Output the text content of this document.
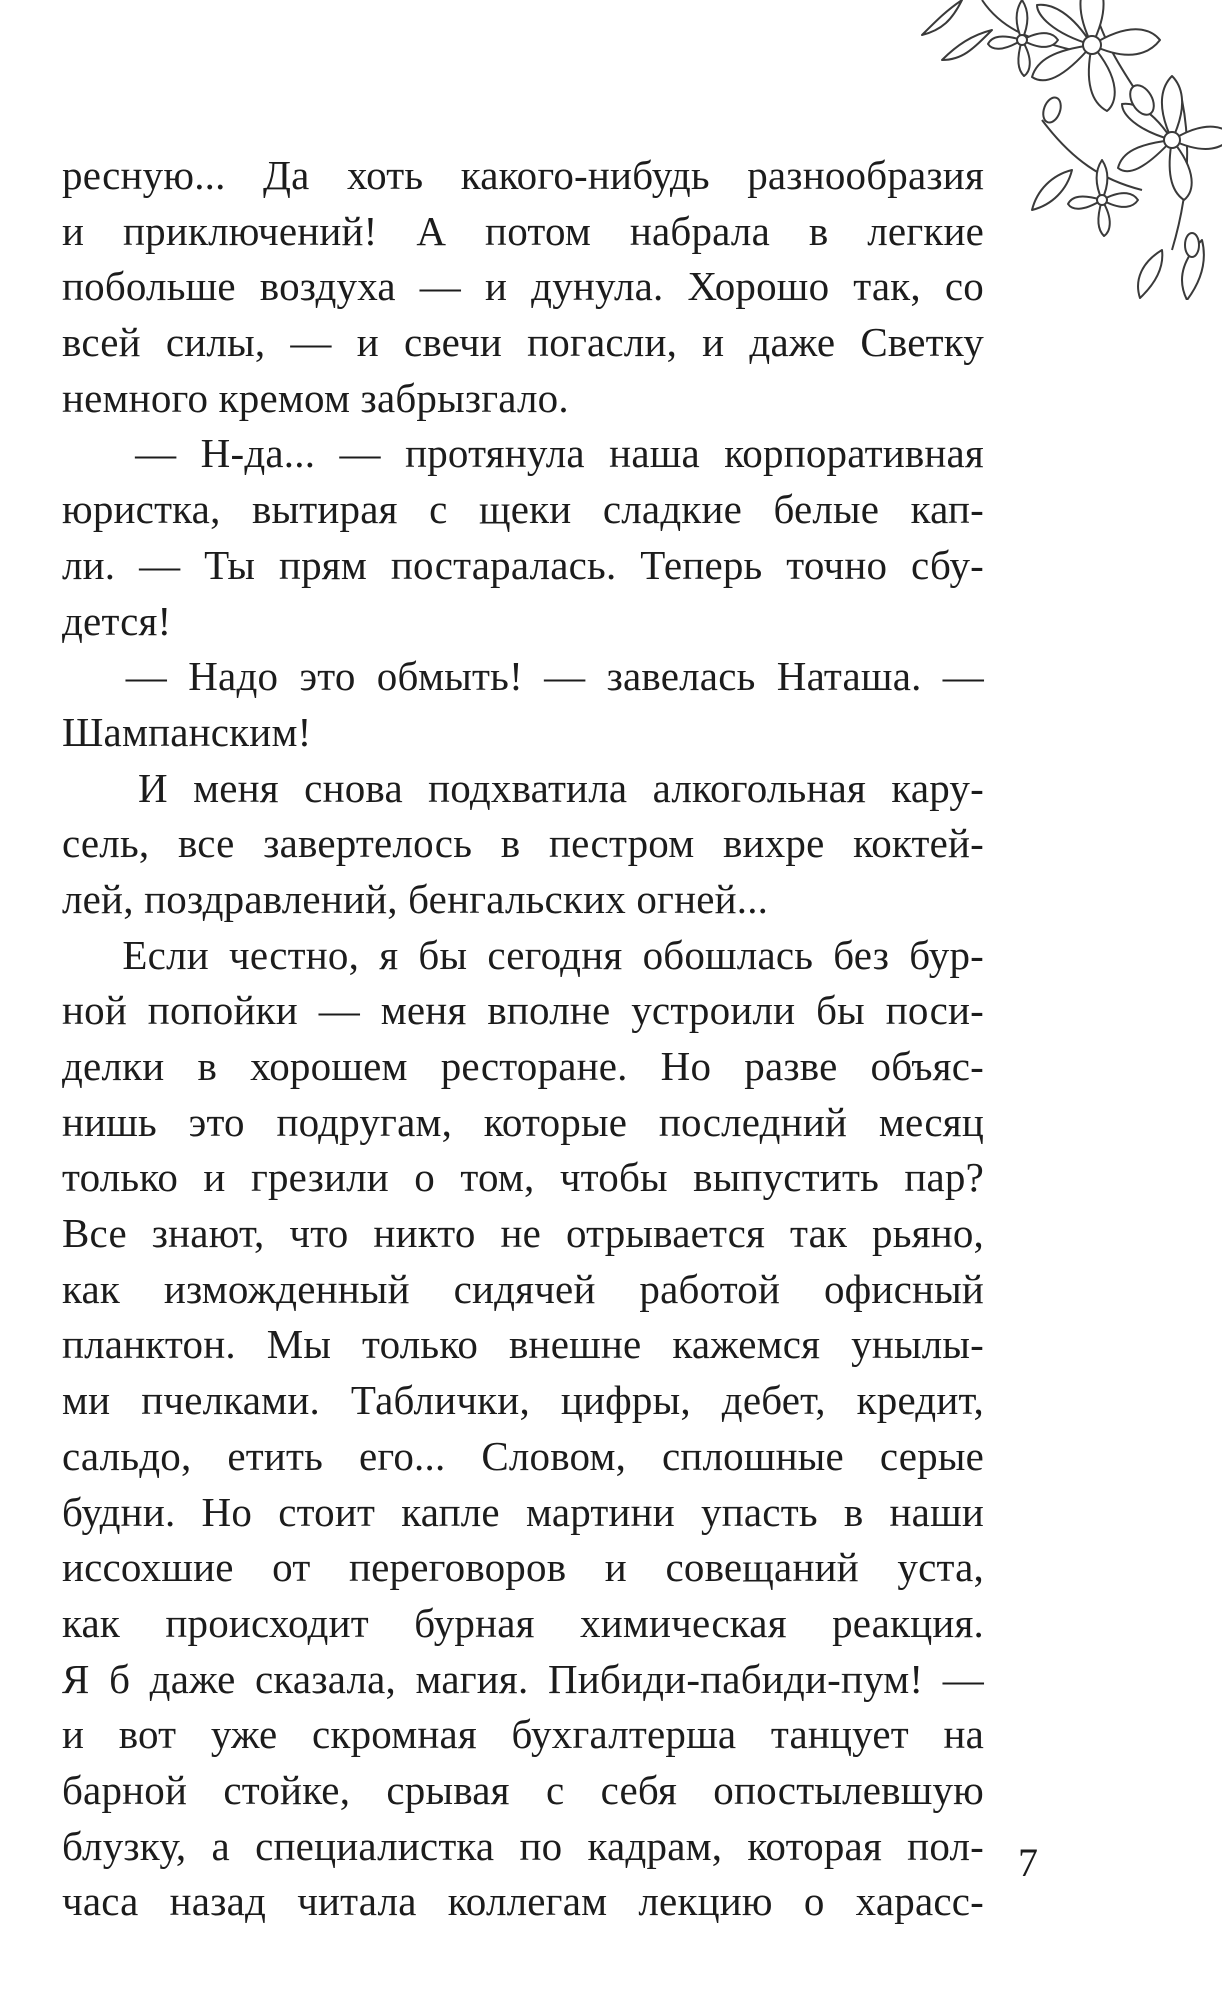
ресную... Да хоть какого-нибудь разнообразия
и приключений! А потом набрала в легкие
побольше воздуха — и дунула. Хорошо так, со
всей силы, — и свечи погасли, и даже Светку
немного кремом забрызгало.
— Н-да... — протянула наша корпоративная
юристка, вытирая с щеки сладкие белые кап-
ли. — Ты прям постаралась. Теперь точно сбу-
дется!
— Надо это обмыть! — завелась Наташа. —
Шампанским!
И меня снова подхватила алкогольная кару-
сель, все завертелось в пестром вихре коктей-
лей, поздравлений, бенгальских огней...
Если честно, я бы сегодня обошлась без бур-
ной попойки — меня вполне устроили бы поси-
делки в хорошем ресторане. Но разве объяс-
нишь это подругам, которые последний месяц
только и грезили о том, чтобы выпустить пар?
Все знают, что никто не отрывается так рьяно,
как изможденный сидячей работой офисный
планктон. Мы только внешне кажемся унылы-
ми пчелками. Таблички, цифры, дебет, кредит,
сальдо, етить его... Словом, сплошные серые
будни. Но стоит капле мартини упасть в наши
иссохшие от переговоров и совещаний уста,
как происходит бурная химическая реакция.
Я б даже сказала, магия. Пибиди-пабиди-пум! —
и вот уже скромная бухгалтерша танцует на
барной стойке, срывая с себя опостылевшую
блузку, а специалистка по кадрам, которая пол-
часа назад читала коллегам лекцию о харасс-
7
